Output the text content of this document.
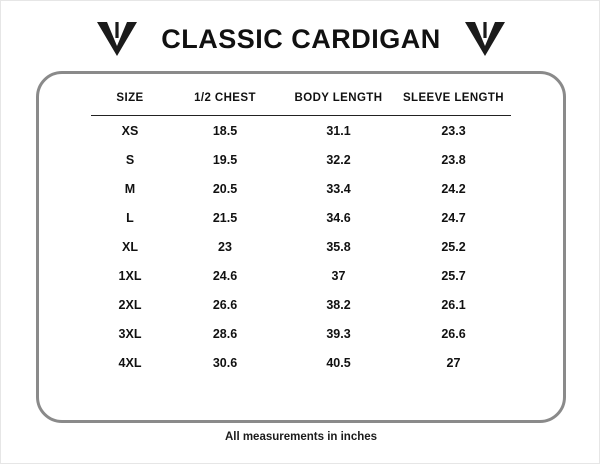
CLASSIC CARDIGAN
SIZE	1/2 CHEST	BODY LENGTH	SLEEVE LENGTH
XS	18.5	31.1	23.3
S	19.5	32.2	23.8
M	20.5	33.4	24.2
L	21.5	34.6	24.7
XL	23	35.8	25.2
1XL	24.6	37	25.7
2XL	26.6	38.2	26.1
3XL	28.6	39.3	26.6
4XL	30.6	40.5	27
All measurements in inches
